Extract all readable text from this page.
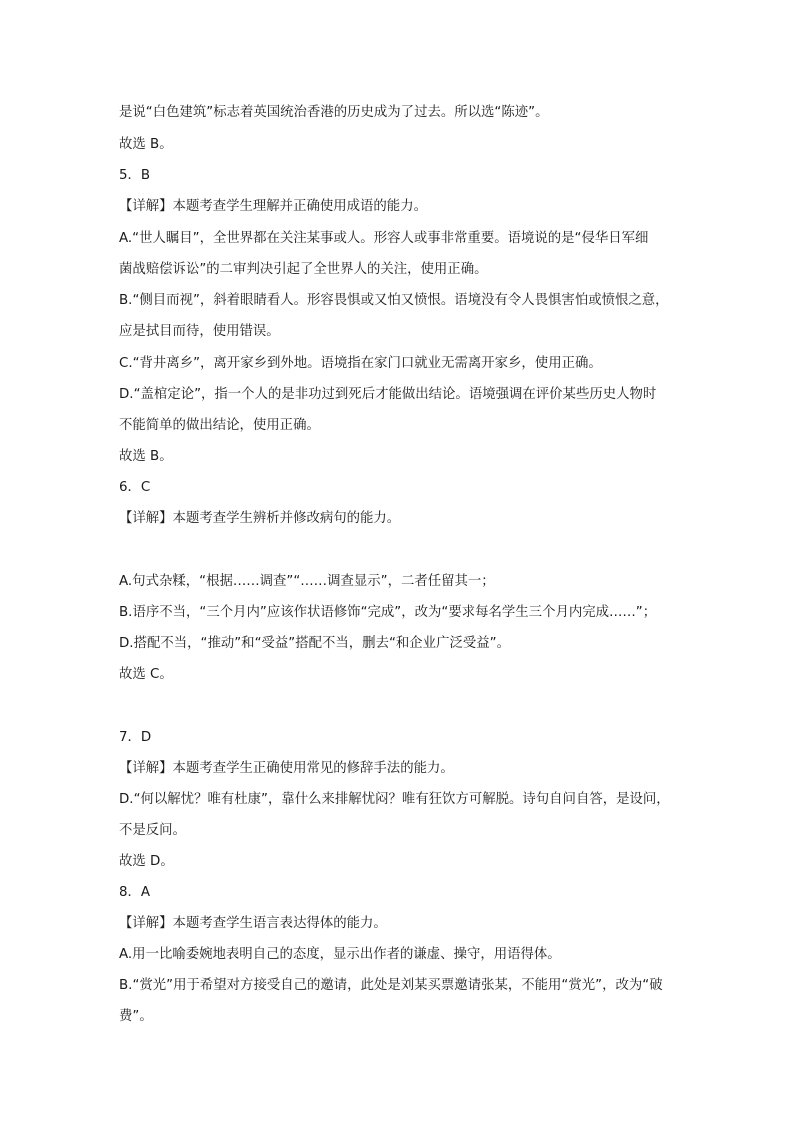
是说“白色建筑”标志着英国统治香港的历史成为了过去。所以选“陈迹”。
故选 B。
5．B
【详解】本题考查学生理解并正确使用成语的能力。
A.“世人瞩目”，全世界都在关注某事或人。形容人或事非常重要。语境说的是“侵华日军细
菌战赔偿诉讼”的二审判决引起了全世界人的关注，使用正确。
B.“侧目而视”，斜着眼睛看人。形容畏惧或又怕又愤恨。语境没有令人畏惧害怕或愤恨之意，
应是拭目而待，使用错误。
C.“背井离乡”，离开家乡到外地。语境指在家门口就业无需离开家乡，使用正确。
D.“盖棺定论”，指一个人的是非功过到死后才能做出结论。语境强调在评价某些历史人物时
不能简单的做出结论，使用正确。
故选 B。
6．C
【详解】本题考查学生辨析并修改病句的能力。
A.句式杂糅，“根据……调查”“……调查显示”，二者任留其一；
B.语序不当，“三个月内”应该作状语修饰“完成”，改为“要求每名学生三个月内完成……”；
D.搭配不当，“推动”和“受益”搭配不当，删去“和企业广泛受益”。
故选 C。
7．D
【详解】本题考查学生正确使用常见的修辞手法的能力。
D.“何以解忧？唯有杜康”，靠什么来排解忧闷？唯有狂饮方可解脱。诗句自问自答，是设问，
不是反问。
故选 D。
8．A
【详解】本题考查学生语言表达得体的能力。
A.用一比喻委婉地表明自己的态度，显示出作者的谦虚、操守，用语得体。
B.“赏光”用于希望对方接受自己的邀请，此处是刘某买票邀请张某，不能用“赏光”，改为“破
费”。
